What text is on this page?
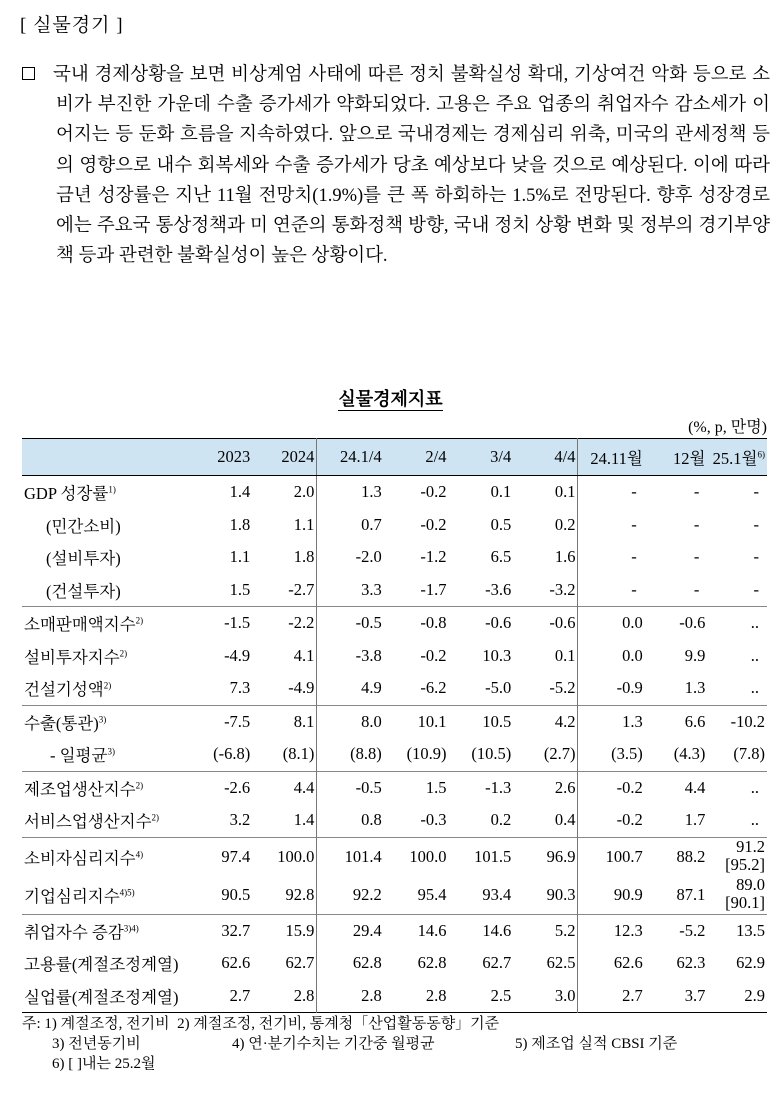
[ 실물경기 ]
국내 경제상황을 보면 비상계엄 사태에 따른 정치 불확실성 확대, 기상여건 악화 등으로 소비가 부진한 가운데 수출 증가세가 약화되었다. 고용은 주요 업종의 취업자수 감소세가 이어지는 등 둔화 흐름을 지속하였다. 앞으로 국내경제는 경제심리 위축, 미국의 관세정책 등의 영향으로 내수 회복세와 수출 증가세가 당초 예상보다 낮을 것으로 예상된다. 이에 따라 금년 성장률은 지난 11월 전망치(1.9%)를 큰 폭 하회하는 1.5%로 전망된다. 향후 성장경로에는 주요국 통상정책과 미 연준의 통화정책 방향, 국내 정치 상황 변화 및 정부의 경기부양책 등과 관련한 불확실성이 높은 상황이다.
실물경제지표
(%, p, 만명)
	2023	2024	24.1/4	2/4	3/4	4/4	24.11월	12월	25.1월$^{6)}$
GDP 성장률$^{1)}$	1.4	2.0	1.3	-0.2	0.1	0.1	-	-	-
(민간소비)	1.8	1.1	0.7	-0.2	0.5	0.2	-	-	-
(설비투자)	1.1	1.8	-2.0	-1.2	6.5	1.6	-	-	-
(건설투자)	1.5	-2.7	3.3	-1.7	-3.6	-3.2	-	-	-
소매판매액지수$^{2)}$	-1.5	-2.2	-0.5	-0.8	-0.6	-0.6	0.0	-0.6	..
설비투자지수$^{2)}$	-4.9	4.1	-3.8	-0.2	10.3	0.1	0.0	9.9	..
건설기성액$^{2)}$	7.3	-4.9	4.9	-6.2	-5.0	-5.2	-0.9	1.3	..
수출(통관)$^{3)}$	-7.5	8.1	8.0	10.1	10.5	4.2	1.3	6.6	-10.2
- 일평균$^{3)}$	(-6.8)	(8.1)	(8.8)	(10.9)	(10.5)	(2.7)	(3.5)	(4.3)	(7.8)
제조업생산지수$^{2)}$	-2.6	4.4	-0.5	1.5	-1.3	2.6	-0.2	4.4	..
서비스업생산지수$^{2)}$	3.2	1.4	0.8	-0.3	0.2	0.4	-0.2	1.7	..
소비자심리지수$^{4)}$	97.4	100.0	101.4	100.0	101.5	96.9	100.7	88.2	91.2
[95.2]
기업심리지수$^{4)5)}$	90.5	92.8	92.2	95.4	93.4	90.3	90.9	87.1	89.0
[90.1]
취업자수 증감$^{3)4)}$	32.7	15.9	29.4	14.6	14.6	5.2	12.3	-5.2	13.5
고용률(계절조정계열)	62.6	62.7	62.8	62.8	62.7	62.5	62.6	62.3	62.9
실업률(계절조정계열)	2.7	2.8	2.8	2.8	2.5	3.0	2.7	3.7	2.9
주: 1) 계절조정, 전기비 2) 계절조정, 전기비, 통계청「산업활동동향」기준
3) 전년동기비	4) 연·분기수치는 기간중 월평균	5) 제조업 실적 CBSI 기준
6) [ ]내는 25.2월
